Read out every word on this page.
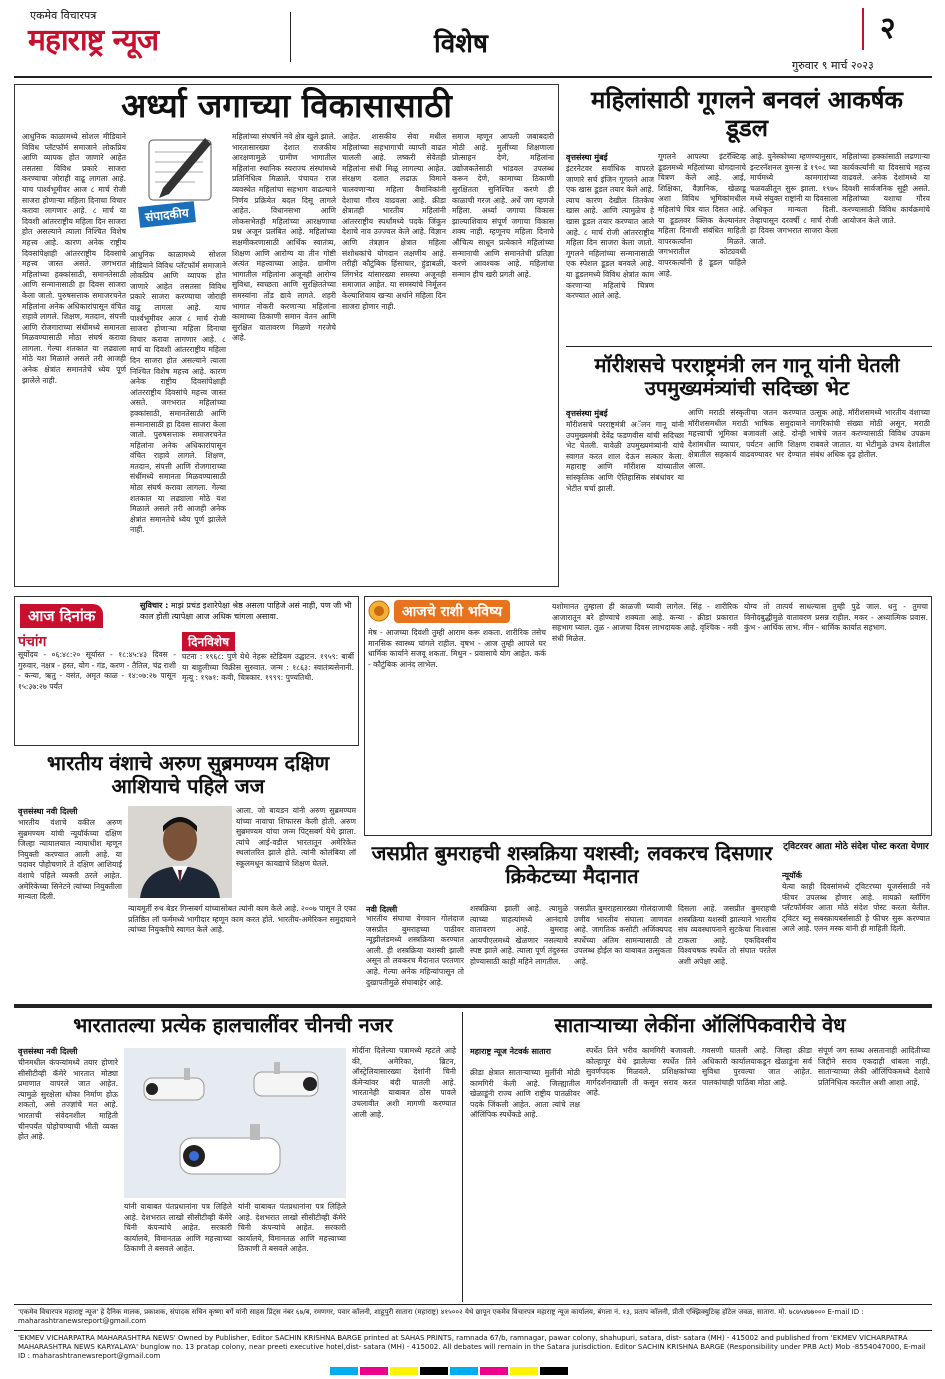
एकमेव विचारपत्र
महाराष्ट्र न्यूज	विशेष	२
गुरुवार ९ मार्च २०२३
अर्ध्या जगाच्या विकासासाठी
आधुनिक काळामध्ये सोशल मीडियाने विविध प्लॅटफॉर्म समाजाने लोकप्रिय आणि व्यापक होत जाणारे आहेत तसतसा विविध प्रकारे साजरा करण्याचा जोराही वाढू लागला आहे. याच पार्श्वभूमीवर आज ८ मार्च रोजी साजरा होणाऱ्या महिला दिनाचा विचार करावा लागणार आहे. ८ मार्च या दिवशी आंतरराष्ट्रीय महिला दिन साजरा होत असल्याने त्याला निश्चित विशेष महत्त्व आहे. कारण अनेक राष्ट्रीय दिवसांपेक्षाही आंतरराष्ट्रीय दिवसांचे महत्त्व जास्त असते. जगभरात महिलांच्या हक्कांसाठी, समानतेसाठी आणि सन्मानासाठी हा दिवस साजरा केला जातो. पुरुषसत्ताक समाजरचनेत महिलांना अनेक अधिकारांपासून वंचित राहावे लागले. शिक्षण, मतदान, संपत्ती आणि रोजगाराच्या संधींमध्ये समानता मिळवण्यासाठी मोठा संघर्ष करावा लागला. गेल्या शतकात या लढ्याला मोठे यश मिळाले असले तरी आजही अनेक क्षेत्रांत समानतेचे ध्येय पूर्ण झालेले नाही.
संपादकीय
आधुनिक काळामध्ये सोशल मीडियाने विविध प्लॅटफॉर्म समाजाने लोकप्रिय आणि व्यापक होत जाणारे आहेत तसतसा विविध प्रकारे साजरा करण्याचा जोराही वाढू लागला आहे. याच पार्श्वभूमीवर आज ८ मार्च रोजी साजरा होणाऱ्या महिला दिनाचा विचार करावा लागणार आहे. ८ मार्च या दिवशी आंतरराष्ट्रीय महिला दिन साजरा होत असल्याने त्याला निश्चित विशेष महत्त्व आहे. कारण अनेक राष्ट्रीय दिवसांपेक्षाही आंतरराष्ट्रीय दिवसांचे महत्त्व जास्त असते. जगभरात महिलांच्या हक्कांसाठी, समानतेसाठी आणि सन्मानासाठी हा दिवस साजरा केला जातो. पुरुषसत्ताक समाजरचनेत महिलांना अनेक अधिकारांपासून वंचित राहावे लागले. शिक्षण, मतदान, संपत्ती आणि रोजगाराच्या संधींमध्ये समानता मिळवण्यासाठी मोठा संघर्ष करावा लागला. गेल्या शतकात या लढ्याला मोठे यश मिळाले असले तरी आजही अनेक क्षेत्रांत समानतेचे ध्येय पूर्ण झालेले नाही.
महिलांच्या संघर्षाने नवे क्षेत्र खुले झाले. भारतासारख्या देशात राजकीय आरक्षणामुळे ग्रामीण भागातील महिलांना स्थानिक स्वराज्य संस्थांमध्ये प्रतिनिधित्व मिळाले. पंचायत राज व्यवस्थेत महिलांचा सहभाग वाढल्याने निर्णय प्रक्रियेत बदल दिसू लागले आहेत. विधानसभा आणि लोकसभेतही महिलांच्या आरक्षणाचा प्रश्न अजून प्रलंबित आहे. महिलांच्या सक्षमीकरणासाठी आर्थिक स्वातंत्र्य, शिक्षण आणि आरोग्य या तीन गोष्टी अत्यंत महत्त्वाच्या आहेत. ग्रामीण भागातील महिलांना अजूनही आरोग्य सुविधा, स्वच्छता आणि सुरक्षिततेच्या समस्यांना तोंड द्यावे लागते. शहरी भागात नोकरी करणाऱ्या महिलांना कामाच्या ठिकाणी समान वेतन आणि सुरक्षित वातावरण मिळणे गरजेचे आहे.
आहेत. शासकीय सेवा मधील महिलांच्या सहभागाची व्याप्ती वाढत चालली आहे. लष्करी सेवेतही महिलांना संधी मिळू लागल्या आहेत. संरक्षण दलात लढाऊ विमाने चालवणाऱ्या महिला वैमानिकांनी देशाचा गौरव वाढवला आहे. क्रीडा क्षेत्रातही भारतीय महिलांनी आंतरराष्ट्रीय स्पर्धांमध्ये पदके जिंकून देशाचे नाव उज्ज्वल केले आहे. विज्ञान आणि तंत्रज्ञान क्षेत्रात महिला संशोधकांचे योगदान लक्षणीय आहे. तरीही कौटुंबिक हिंसाचार, हुंडाबळी, लिंगभेद यांसारख्या समस्या अजूनही समाजात आहेत. या समस्यांचे निर्मूलन केल्याशिवाय खऱ्या अर्थाने महिला दिन साजरा होणार नाही.
समाज म्हणून आपली जबाबदारी मोठी आहे. मुलींच्या शिक्षणाला प्रोत्साहन देणे, महिलांना उद्योजकतेसाठी भांडवल उपलब्ध करून देणे, कामाच्या ठिकाणी सुरक्षितता सुनिश्चित करणे ही काळाची गरज आहे. अर्धे जग म्हणजे महिला. अर्ध्या जगाचा विकास झाल्याशिवाय संपूर्ण जगाचा विकास शक्य नाही. म्हणूनच महिला दिनाचे औचित्य साधून प्रत्येकाने महिलांच्या सन्मानाची आणि समानतेची प्रतिज्ञा करणे आवश्यक आहे. महिलांचा सन्मान हीच खरी प्रगती आहे.
महिलांसाठी गूगलने बनवलं आकर्षक डूडल
वृत्तसंस्था मुंबई
इंटरनेटवर सर्वाधिक वापरले जाणारे सर्च इंजिन गूगलने आज एक खास डूडल तयार केले आहे. त्याच कारण देखील तितकेच खास आहे. आणि त्यामुळेच हे खास डूडल तयार करण्यात आले आहे. ८ मार्च रोजी आंतरराष्ट्रीय महिला दिन साजरा केला जातो. गूगलने महिलांच्या सन्मानासाठी एक स्पेशल डूडल बनवले आहे. या डूडलमध्ये विविध क्षेत्रांत काम करणाऱ्या महिलांचे चित्रण करण्यात आले आहे.
गूगलने आपल्या इंटरॅक्टिव्ह डूडलमध्ये महिलांच्या योगदानाचे चित्रण केले आहे. आई, शिक्षिका, वैज्ञानिक, खेळाडू अशा विविध भूमिकांमधील महिलांचे चित्र यात दिसत आहे. या डूडलवर क्लिक केल्यानंतर महिला दिनाशी संबंधित माहिती वापरकर्त्यांना मिळते. जगभरातील कोट्यवधी वापरकर्त्यांनी हे डूडल पाहिले आहे.
आहे. युनेस्कोच्या म्हणण्यानुसार, इन्टरनॅशनल वुमन्स डे १९०८ च्या मार्चमध्ये कामगारांच्या चळवळीतून सुरू झाला. १९७५ मध्ये संयुक्त राष्ट्रांनी या दिवसाला अधिकृत मान्यता दिली. तेव्हापासून दरवर्षी ८ मार्च रोजी हा दिवस जगभरात साजरा केला जातो.
महिलांच्या हक्कांसाठी लढणाऱ्या कार्यकर्त्यांनी या दिवसाचे महत्त्व वाढवले. अनेक देशांमध्ये या दिवशी सार्वजनिक सुट्टी असते. महिलांच्या यशाचा गौरव करण्यासाठी विविध कार्यक्रमांचे आयोजन केले जाते.
मॉरीशसचे परराष्ट्रमंत्री लन गानू यांनी घेतली उपमुख्यमंत्र्यांची सदिच्छा भेट
वृत्तसंस्था मुंबई
मॉरीशसचे परराष्ट्रमंत्री अॅलन गानू यांनी उपमुख्यमंत्री देवेंद्र फडणवीस यांची सदिच्छा भेट घेतली. यावेळी उपमुख्यमंत्र्यांनी यांचे स्वागत करत शाल देऊन सत्कार केला. महाराष्ट्र आणि मॉरीशस यांच्यातील सांस्कृतिक आणि ऐतिहासिक संबंधांवर या भेटीत चर्चा झाली.
आणि मराठी संस्कृतीचा जतन करण्यात मॉरीशसमधील मराठी भाषिक समुदायाने महत्त्वाची भूमिका बजावली आहे. दोन्ही देशांमधील व्यापार, पर्यटन आणि शिक्षण क्षेत्रातील सहकार्य वाढवण्यावर भर देण्यात आला.
उत्सुक आहे. मॉरीशसमध्ये भारतीय वंशाच्या नागरिकांची संख्या मोठी असून, मराठी भाषेचे जतन करण्यासाठी विविध उपक्रम राबवले जातात. या भेटीमुळे उभय देशांतील संबंध अधिक दृढ होतील.
आज दिनांक
सुविचार : माझं प्रचंड इशारेपेक्षा श्रेष्ठ असला पाहिजे असं नाही, पण जी भी काल होती त्यापेक्षा आज अधिक चांगला असावा.
पंचांग
सूर्योदय - ०६:४८:२० सूर्यास्त - १८:४५:४३ दिवस - गुरुवार, नक्षत्र - हस्त, योग - गंड, करण - तैतिल, चंद्र राशी - कन्या, ऋतु - वसंत, अमृत काळ - १४:०७:२७ पासून १५:३७:२७ पर्यंत
दिनविशेष
घटना : १९६८: पुणे येथे नेहरू स्टेडियम उद्घाटन. १९५९: बार्बी या बाहुलीच्या विक्रीस सुरुवात. जन्म : १८६३: स्वातंत्र्यसेनानी. मृत्यू : १९७१: कवी, चित्रकार. १९९९: पुण्यतिथी.
भारतीय वंशाचे अरुण सुब्रमण्यम दक्षिण आशियाचे पहिले जज
वृत्तसंस्था नवी दिल्ली
भारतीय वंशाचे वकील अरुण सुब्रमण्यम यांची न्यूयॉर्कच्या दक्षिण जिल्हा न्यायालयात न्यायाधीश म्हणून नियुक्ती करण्यात आली आहे. या पदावर पोहोचणारे ते दक्षिण आशियाई वंशाचे पहिले व्यक्ती ठरले आहेत. अमेरिकेच्या सिनेटने त्यांच्या नियुक्तीला मान्यता दिली.
आला. जो बायडन यांनी अरुण सुब्रमण्यम यांच्या नावाचा शिफारस केली होती. अरुण सुब्रमण्यम यांचा जन्म पिट्सबर्ग येथे झाला. त्यांचे आई-वडील भारतातून अमेरिकेत स्थलांतरित झाले होते. त्यांनी कोलंबिया लॉ स्कूलमधून कायद्याचे शिक्षण घेतले.
न्यायमूर्ती रुथ बेडर गिन्सबर्ग यांच्यासोबत त्यांनी काम केले आहे. २००७ पासून ते एका प्रतिष्ठित लॉ फर्ममध्ये भागीदार म्हणून काम करत होते. भारतीय-अमेरिकन समुदायाने त्यांच्या नियुक्तीचे स्वागत केले आहे.
आजचे राशी भविष्य
मेष - आजच्या दिवशी तुम्ही आराम करू शकता. शारीरिक तसेच मानसिक स्वास्थ्य चांगले राहील. वृषभ - आज तुम्ही आपले घर धार्मिक कार्याने सजवू शकता. मिथुन - प्रवासाचे योग आहेत. कर्क - कौटुंबिक आनंद लाभेल.
यशोमानत तुम्हाला ही काळजी घ्यावी लागेल. सिंह - शारीरिक आजारातून बरे होण्याचे शक्यता आहे. कन्या - क्रीडा प्रकारात सहभाग घ्याल. तूळ - आजचा दिवस लाभदायक आहे. वृश्चिक - नवी संधी मिळेल.
योग्य तो तात्पर्य साधल्यास तुम्ही पुढे जाल. धनु - तुमचा विनोदबुद्धीमुळे वातावरण प्रसन्न राहील. मकर - अध्यात्मिक प्रवास. कुंभ - आर्थिक लाभ. मीन - धार्मिक कार्यात सहभाग.
ट्विटरवर आता मोठे संदेश पोस्ट करता येणार
न्यूयॉर्क
येत्या काही दिवसांमध्ये ट्विटरच्या यूजर्ससाठी नवे फीचर उपलब्ध होणार आहे. मायक्रो ब्लॉगिंग प्लॅटफॉर्मवर आता मोठे संदेश पोस्ट करता येतील. ट्विटर ब्लू सबस्क्रायबर्ससाठी हे फीचर सुरू करण्यात आले आहे. एलन मस्क यांनी ही माहिती दिली.
जसप्रीत बुमराहची शस्त्रक्रिया यशस्वी; लवकरच दिसणार क्रिकेटच्या मैदानात
नवी दिल्ली
भारतीय संघाचा वेगवान गोलंदाज जसप्रीत बुमराहच्या पाठीवर न्यूझीलंडमध्ये शस्त्रक्रिया करण्यात आली. ही शस्त्रक्रिया यशस्वी झाली असून तो लवकरच मैदानात परतणार आहे. गेल्या अनेक महिन्यांपासून तो दुखापतीमुळे संघाबाहेर आहे.
शस्त्रक्रिया झाली आहे. त्यामुळे त्याच्या चाहत्यांमध्ये आनंदाचे वातावरण आहे. बुमराह आयपीएलमध्ये खेळणार नसल्याचे स्पष्ट झाले आहे. त्याला पूर्ण तंदुरुस्त होण्यासाठी काही महिने लागतील.
जसप्रीत बुमराहसारख्या गोलंदाजाची उणीव भारतीय संघाला जाणवत आहे. जागतिक कसोटी अजिंक्यपद स्पर्धेच्या अंतिम सामन्यासाठी तो उपलब्ध होईल का याबाबत उत्सुकता आहे.
दिसला आहे. जसप्रीत बुमराहची शस्त्रक्रिया यशस्वी झाल्याने भारतीय संघ व्यवस्थापनाने सुटकेचा निःश्वास टाकला आहे. एकदिवसीय विश्वचषक स्पर्धेत तो संघात परतेल अशी अपेक्षा आहे.
भारतातल्या प्रत्येक हालचालींवर चीनची नजर
वृत्तसंस्था नवी दिल्ली
चीनमधील कंपन्यांमध्ये तयार होणारे सीसीटीव्ही कॅमेरे भारतात मोठ्या प्रमाणात वापरले जात आहेत. त्यामुळे सुरक्षेला धोका निर्माण होऊ शकतो, असे तज्ज्ञांचे मत आहे. भारताची संवेदनशील माहिती चीनपर्यंत पोहोचण्याची भीती व्यक्त होत आहे.
यांनी याबाबत पंतप्रधानांना पत्र लिहिले आहे. देशभरात लाखो सीसीटीव्ही कॅमेरे चिनी कंपन्यांचे आहेत. सरकारी कार्यालये, विमानतळ आणि महत्त्वाच्या ठिकाणी ते बसवले आहेत.
यांनी याबाबत पंतप्रधानांना पत्र लिहिले आहे. देशभरात लाखो सीसीटीव्ही कॅमेरे चिनी कंपन्यांचे आहेत. सरकारी कार्यालये, विमानतळ आणि महत्त्वाच्या ठिकाणी ते बसवले आहेत.
मोदींना दिलेल्या पत्रामध्ये म्हटले आहे की, अमेरिका, ब्रिटन, ऑस्ट्रेलियासारख्या देशांनी चिनी कॅमेऱ्यांवर बंदी घातली आहे. भारतानेही याबाबत ठोस पावले उचलावीत अशी मागणी करण्यात आली आहे.
साताऱ्याच्या लेकींना ऑलिंपिकवारीचे वेध
महाराष्ट्र न्यूज नेटवर्क सातारा
क्रीडा क्षेत्रात साताऱ्याच्या मुलींनी मोठी कामगिरी केली आहे. जिल्ह्यातील खेळाडूंनी राज्य आणि राष्ट्रीय पातळीवर पदके जिंकली आहेत. आता त्यांचे लक्ष ऑलिंपिक स्पर्धेकडे आहे.
स्पर्धेत तिने भरीव कामगिरी बजावली. कोल्हापूर येथे झालेल्या स्पर्धेत तिने सुवर्णपदक मिळवले. प्रशिक्षकांच्या मार्गदर्शनाखाली ती कसून सराव करत आहे.
गवसणी घातली आहे. जिल्हा क्रीडा अधिकारी कार्यालयाकडून खेळाडूंना सर्व सुविधा पुरवल्या जात आहेत. पालकांचाही पाठिंबा मोठा आहे.
संपूर्ण जग स्तब्ध असतानाही आदितीच्या जिद्दीने सराव एकदाही थांबला नाही. साताऱ्याच्या लेकी ऑलिंपिकमध्ये देशाचे प्रतिनिधित्व करतील अशी आशा आहे.
'एकमेव विचारपत्र महाराष्ट्र न्यूज' हे दैनिक मालक, प्रकाशक, संपादक सचिन कृष्णा बर्गे यांनी साहस प्रिंट्स नंबर ६७/ब, रमणगर, पवार कॉलनी, शाहूपुरी सातारा (महाराष्ट्र) ४१५००२ येथे छापून एकमेव विचारपत्र महाराष्ट्र न्यूज कार्यालय, बंगला नं. १३, प्रताप कॉलनी, प्रीती एक्झिक्युटिव्ह हॉटेल जवळ, सातारा. मो. ७८७५४७७००० E-mail ID : maharashtranewsreport@gmail.com
'EKMEV VICHARPATRA MAHARASHTRA NEWS' Owned by Publisher, Editor SACHIN KRISHNA BARGE printed at SAHAS PRINTS, ramnada 67/b, ramnagar, pawar colony, shahupuri, satara, dist- satara (MH) - 415002 and published from 'EKMEV VICHARPATRA MAHARASHTRA NEWS KARYALAYA' bunglow no. 13 pratap colony, near preeti executive hotel,dist- satara (MH) - 415002. All debates will remain in the Satara jurisdiction. Editor SACHIN KRISHNA BARGE (Responsibility under PRB Act) Mob -8554047000, E-mail ID : maharashtranewsreport@gmail.com
